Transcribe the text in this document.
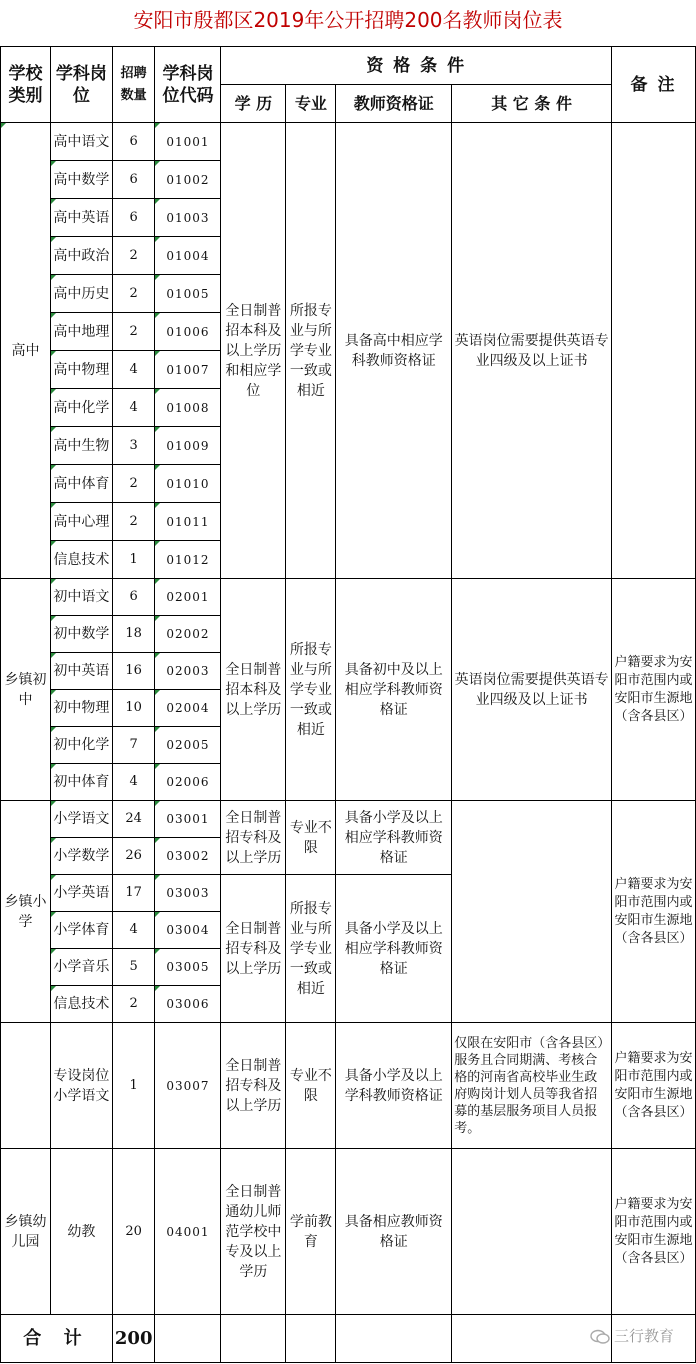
安阳市殷都区2019年公开招聘200名教师岗位表
学校类别	学科岗位	招聘数量	学科岗位代码	资 格 条 件				备 注
				学 历	专业	教师资格证	其 它 条 件	
高中	高中语文	6	01001	全日制普招本科及以上学历和相应学位	所报专业与所学专业一致或相近	具备高中相应学科教师资格证	英语岗位需要提供英语专业四级及以上证书	
	高中数学	6	01002					
	高中英语	6	01003					
	高中政治	2	01004					
	高中历史	2	01005					
	高中地理	2	01006					
	高中物理	4	01007					
	高中化学	4	01008					
	高中生物	3	01009					
	高中体育	2	01010					
	高中心理	2	01011					
	信息技术	1	01012					
乡镇初中	初中语文	6	02001	全日制普招本科及以上学历	所报专业与所学专业一致或相近	具备初中及以上相应学科教师资格证	英语岗位需要提供英语专业四级及以上证书	户籍要求为安阳市范围内或安阳市生源地（含各县区）
	初中数学	18	02002					
	初中英语	16	02003					
	初中物理	10	02004					
	初中化学	7	02005					
	初中体育	4	02006					
乡镇小学	小学语文	24	03001	全日制普招专科及以上学历	专业不限	具备小学及以上相应学科教师资格证		户籍要求为安阳市范围内或安阳市生源地（含各县区）
	小学数学	26	03002					
	小学英语	17	03003	全日制普招专科及以上学历	所报专业与所学专业一致或相近	具备小学及以上相应学科教师资格证		
	小学体育	4	03004					
	小学音乐	5	03005					
	信息技术	2	03006					
	专设岗位小学语文	1	03007	全日制普招专科及以上学历	专业不限	具备小学及以上学科教师资格证	仅限在安阳市（含各县区）服务且合同期满、考核合格的河南省高校毕业生政府购岗计划人员等我省招募的基层服务项目人员报考。	户籍要求为安阳市范围内或安阳市生源地（含各县区）
乡镇幼儿园	幼教	20	04001	全日制普通幼儿师范学校中专及以上学历	学前教育	具备相应教师资格证		户籍要求为安阳市范围内或安阳市生源地（含各县区）
合 计		200							三行教育
